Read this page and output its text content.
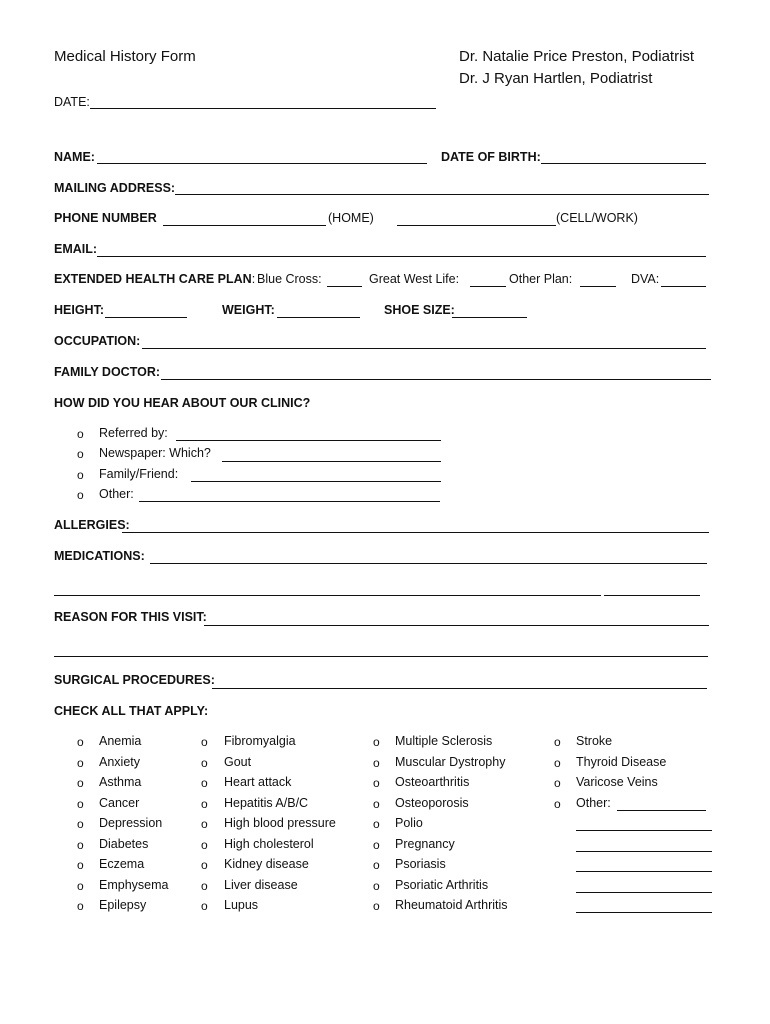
Medical History Form	Dr. Natalie Price Preston, Podiatrist
Dr. J Ryan Hartlen, Podiatrist
DATE:
NAME:	DATE OF BIRTH:
MAILING ADDRESS:
PHONE NUMBER	(HOME)	(CELL/WORK)
EMAIL:
EXTENDED HEALTH CARE PLAN: Blue Cross:	Great West Life:	Other Plan:	DVA:
HEIGHT:	WEIGHT:	SHOE SIZE:
OCCUPATION:
FAMILY DOCTOR:
HOW DID YOU HEAR ABOUT OUR CLINIC?
o Referred by:
o Newspaper: Which?
o Family/Friend:
o Other:
ALLERGIES:
MEDICATIONS:
REASON FOR THIS VISIT:
SURGICAL PROCEDURES:
CHECK ALL THAT APPLY:
o Anemia
o Anxiety
o Asthma
o Cancer
o Depression
o Diabetes
o Eczema
o Emphysema
o Epilepsy
o Fibromyalgia
o Gout
o Heart attack
o Hepatitis A/B/C
o High blood pressure
o High cholesterol
o Kidney disease
o Liver disease
o Lupus
o Multiple Sclerosis
o Muscular Dystrophy
o Osteoarthritis
o Osteoporosis
o Polio
o Pregnancy
o Psoriasis
o Psoriatic Arthritis
o Rheumatoid Arthritis
o Stroke
o Thyroid Disease
o Varicose Veins
o Other:
